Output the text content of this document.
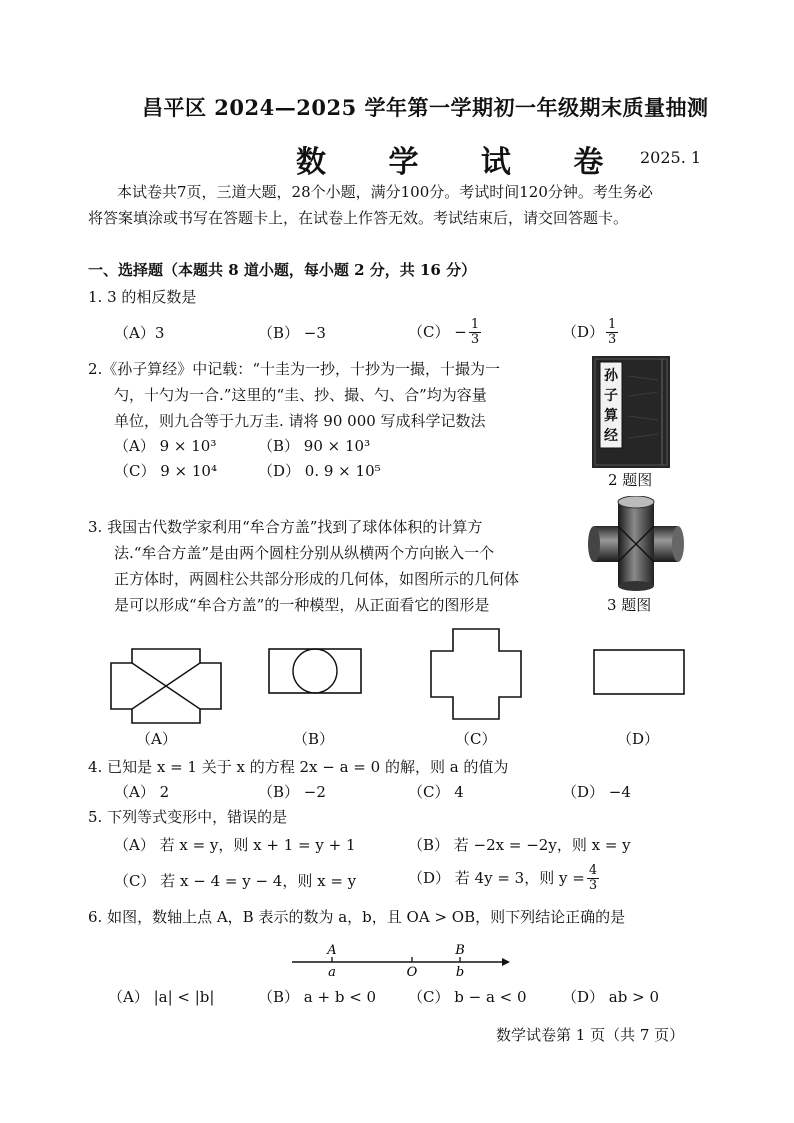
昌平区 2024—2025 学年第一学期初一年级期末质量抽测
数 学 试 卷 2025. 1
本试卷共7页，三道大题，28个小题，满分100分。考试时间120分钟。考生务必
将答案填涂或书写在答题卡上，在试卷上作答无效。考试结束后，请交回答题卡。
一、选择题（本题共 8 道小题，每小题 2 分，共 16 分）
1. 3 的相反数是
（A）3	（B） −3	$(C) - \frac{1}{3}$	$(D) \frac{1}{3}$
2.《孙子算经》中记载：“十圭为一抄，十抄为一撮，十撮为一
勺，十勺为一合.”这里的“圭、抄、撮、勺、合”均为容量
单位，则九合等于九万圭. 请将 90 000 写成科学记数法
（A） 9 × 10³	（B） 90 × 10³
（C） 9 × 10⁴	（D） 0. 9 × 10⁵
孙
子
算
经
2 题图
3. 我国古代数学家利用“牟合方盖”找到了球体体积的计算方
法.“牟合方盖”是由两个圆柱分别从纵横两个方向嵌入一个
正方体时，两圆柱公共部分形成的几何体，如图所示的几何体
是可以形成“牟合方盖”的一种模型，从正面看它的图形是	3 题图
（A）	（B）	（C）	（D）
4. 已知是 x = 1 关于 x 的方程 2x − a = 0 的解，则 a 的值为
（A） 2	（B） −2	（C） 4	（D） −4
5. 下列等式变形中，错误的是
（A） 若 x = y，则 x + 1 = y + 1	（B） 若 −2x = −2y，则 x = y
（C） 若 x − 4 = y − 4，则 x = y	（D） 若 4y = 3，则 $y = \frac{4}{3}$
6. 如图，数轴上点 A，B 表示的数为 a，b，且 OA > OB，则下列结论正确的是
A
a	O
B
b
（A） |a| < |b|	（B） a + b < 0 （C） b − a < 0 （D） ab > 0
数学试卷第 1 页（共 7 页）
